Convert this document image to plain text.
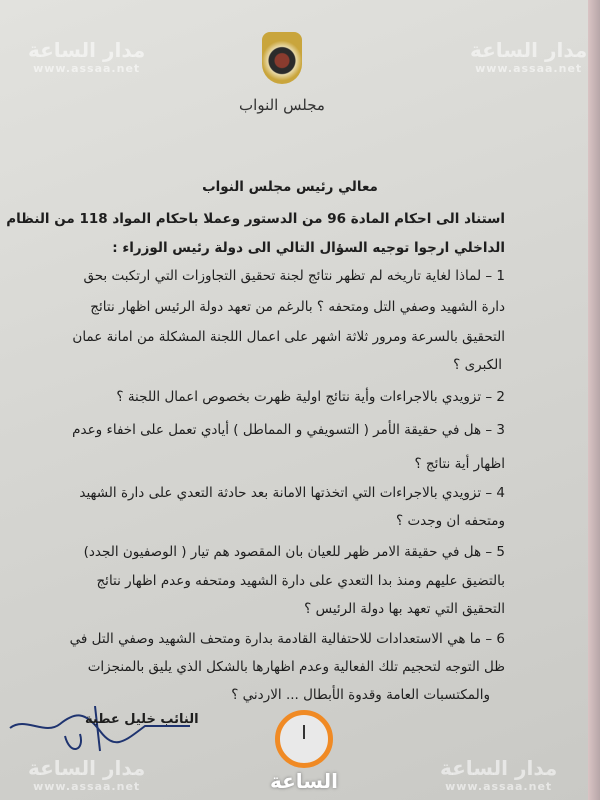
مدار الساعة
www.assaa.net
مدار الساعة
www.assaa.net
مدار الساعة
www.assaa.net
مدار الساعة
www.assaa.net
مجلس النواب
معالي رئيس مجلس النواب
استناد الى احكام المادة 96 من الدستور وعملا باحكام المواد 118 من النظام
الداخلي ارجوا توجيه السؤال التالي الى دولة رئيس الوزراء :
1 – لماذا لغاية تاريخه لم تظهر نتائج لجنة تحقيق التجاوزات التي ارتكبت بحق
دارة الشهيد وصفي التل ومتحفه ؟ بالرغم من تعهد دولة الرئيس اظهار نتائج
التحقيق بالسرعة ومرور ثلاثة اشهر على اعمال اللجنة المشكلة من امانة عمان
الكبرى ؟
2 – تزويدي بالاجراءات وأية نتائج اولية ظهرت بخصوص اعمال اللجنة ؟
3 – هل في حقيقة الأمر ( التسويفي و المماطل ) أيادي تعمل على اخفاء وعدم
اظهار أية نتائج ؟
4 – تزويدي بالاجراءات التي اتخذتها الامانة بعد حادثة التعدي على دارة الشهيد
ومتحفه ان وجدت ؟
5 – هل في حقيقة الامر ظهر للعيان بان المقصود هم تيار ( الوصفيون الجدد)
بالتضيق عليهم ومنذ بدا التعدي على دارة الشهيد ومتحفه وعدم اظهار نتائج
التحقيق التي تعهد بها دولة الرئيس ؟
6 – ما هي الاستعدادات للاحتفالية القادمة بدارة ومتحف الشهيد وصفي التل في
ظل التوجه لتحجيم تلك الفعالية وعدم اظهارها بالشكل الذي يليق بالمنجزات
والمكتسبات العامة وقدوة الأبطال ... الاردني ؟
النائب خليل عطية
الساعة
